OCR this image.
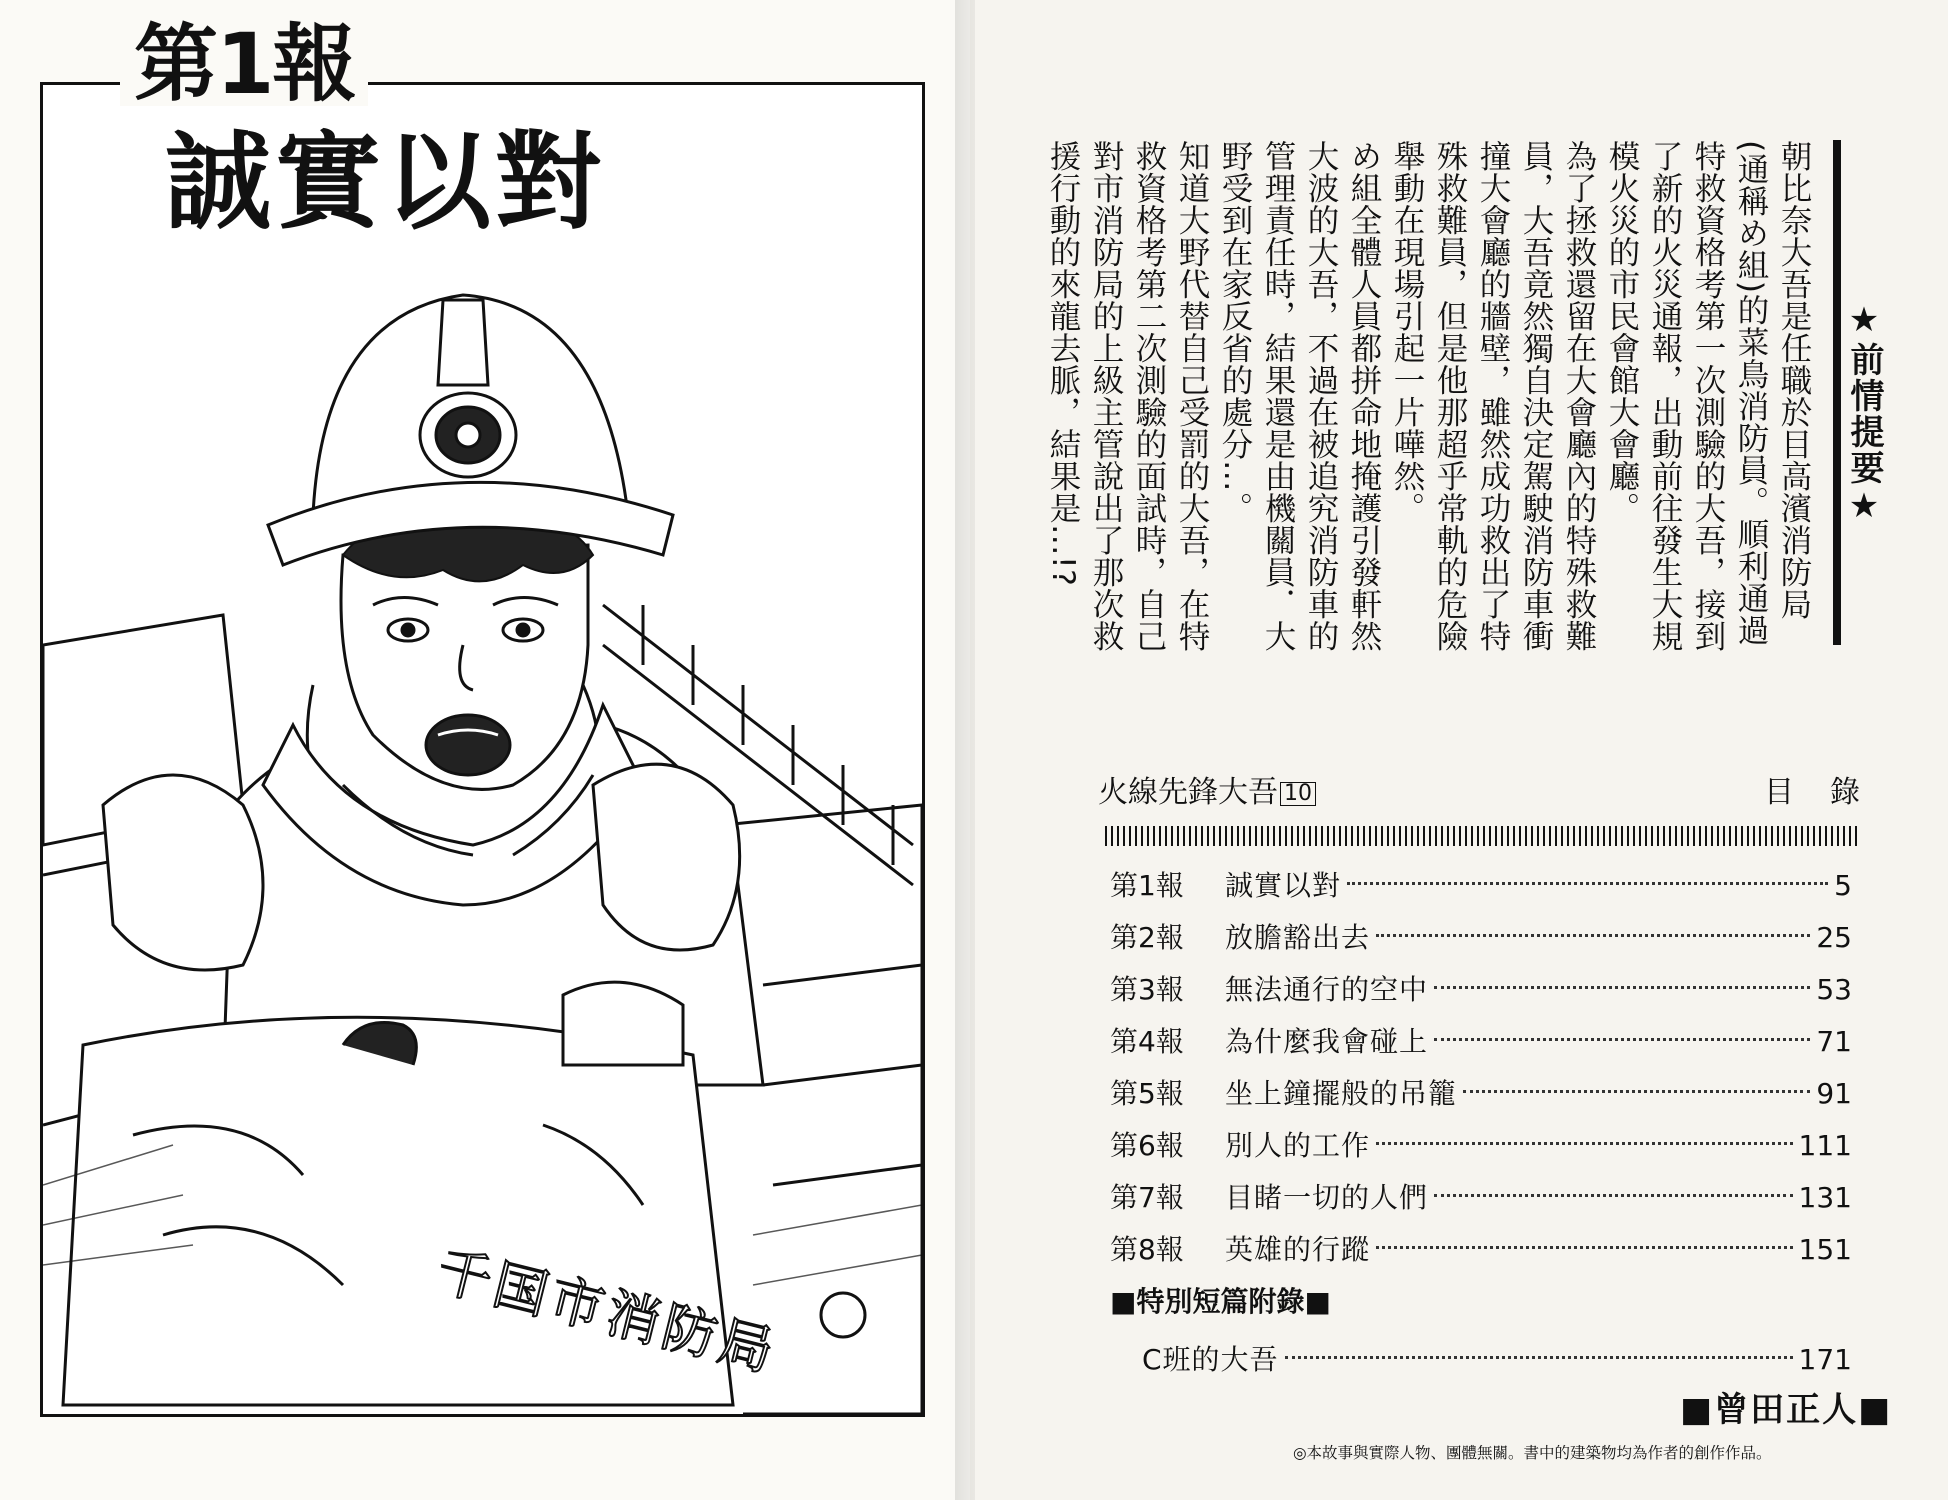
千国市消防局
第1報
誠實以對
★前情提要★

朝比奈大吾是任職於目高濱消防局(通稱め組)的菜鳥消防員。順利通過特救資格考第一次測驗的大吾，接到了新的火災通報，出動前往發生大規模火災的市民會館大會廳。

為了拯救還留在大會廳內的特殊救難員，大吾竟然獨自決定駕駛消防車衝撞大會廳的牆壁，雖然成功救出了特殊救難員，但是他那超乎常軌的危險舉動在現場引起一片嘩然。

め組全體人員都拼命地掩護引發軒然大波的大吾，不過在被追究消防車的管理責任時，結果還是由機關員．大野受到在家反省的處分…。

知道大野代替自己受罰的大吾，在特救資格考第二次測驗的面試時，自己對市消防局的上級主管說出了那次救援行動的來龍去脈，結果是…!?

火線先鋒大吾 10	目錄
第1報	誠實以對	5
第2報	放膽豁出去	25
第3報	無法通行的空中	53
第4報	為什麼我會碰上	71
第5報	坐上鐘擺般的吊籠	91
第6報	別人的工作	111
第7報	目睹一切的人們	131
第8報	英雄的行蹤	151
■特別短篇附錄■
C班的大吾	171
■曾田正人■
◎本故事與實際人物、團體無關。書中的建築物均為作者的創作作品。
